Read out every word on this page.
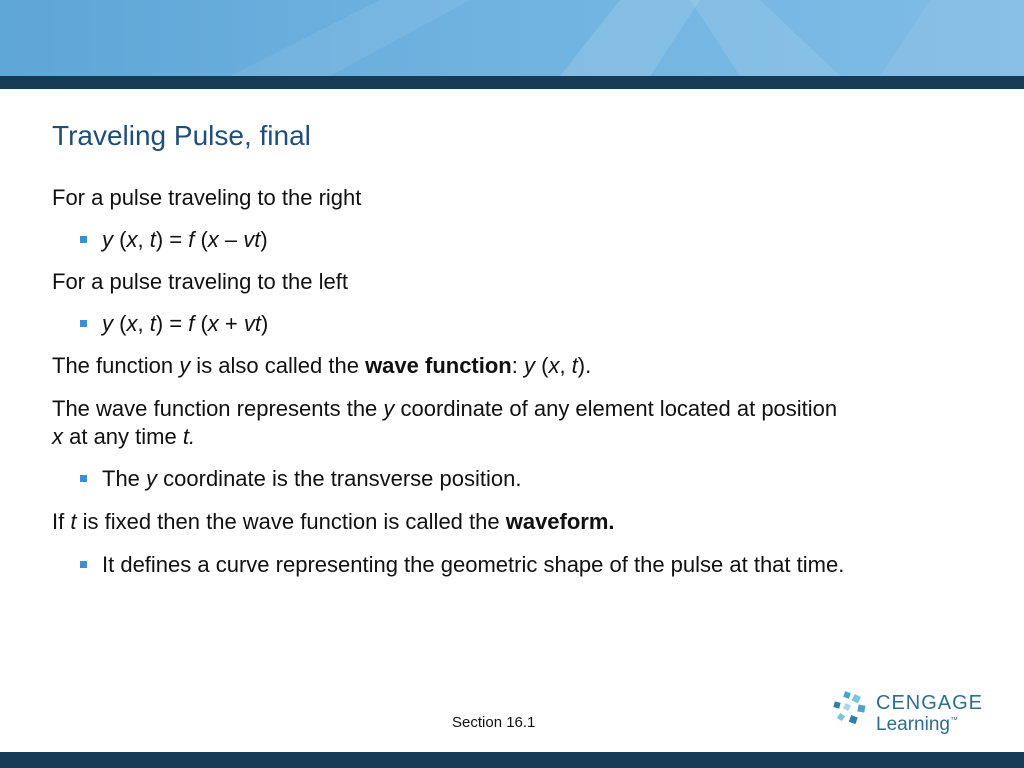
Traveling Pulse, final

For a pulse traveling to the right

y (x, t) = f (x – vt)

For a pulse traveling to the left

y (x, t) = f (x + vt)

The function y is also called the wave function: y (x, t).

The wave function represents the y coordinate of any element located at position
x at any time t.

The y coordinate is the transverse position.

If t is fixed then the wave function is called the waveform.

It defines a curve representing the geometric shape of the pulse at that time.

Section 16.1
CENGAGE
Learning™
